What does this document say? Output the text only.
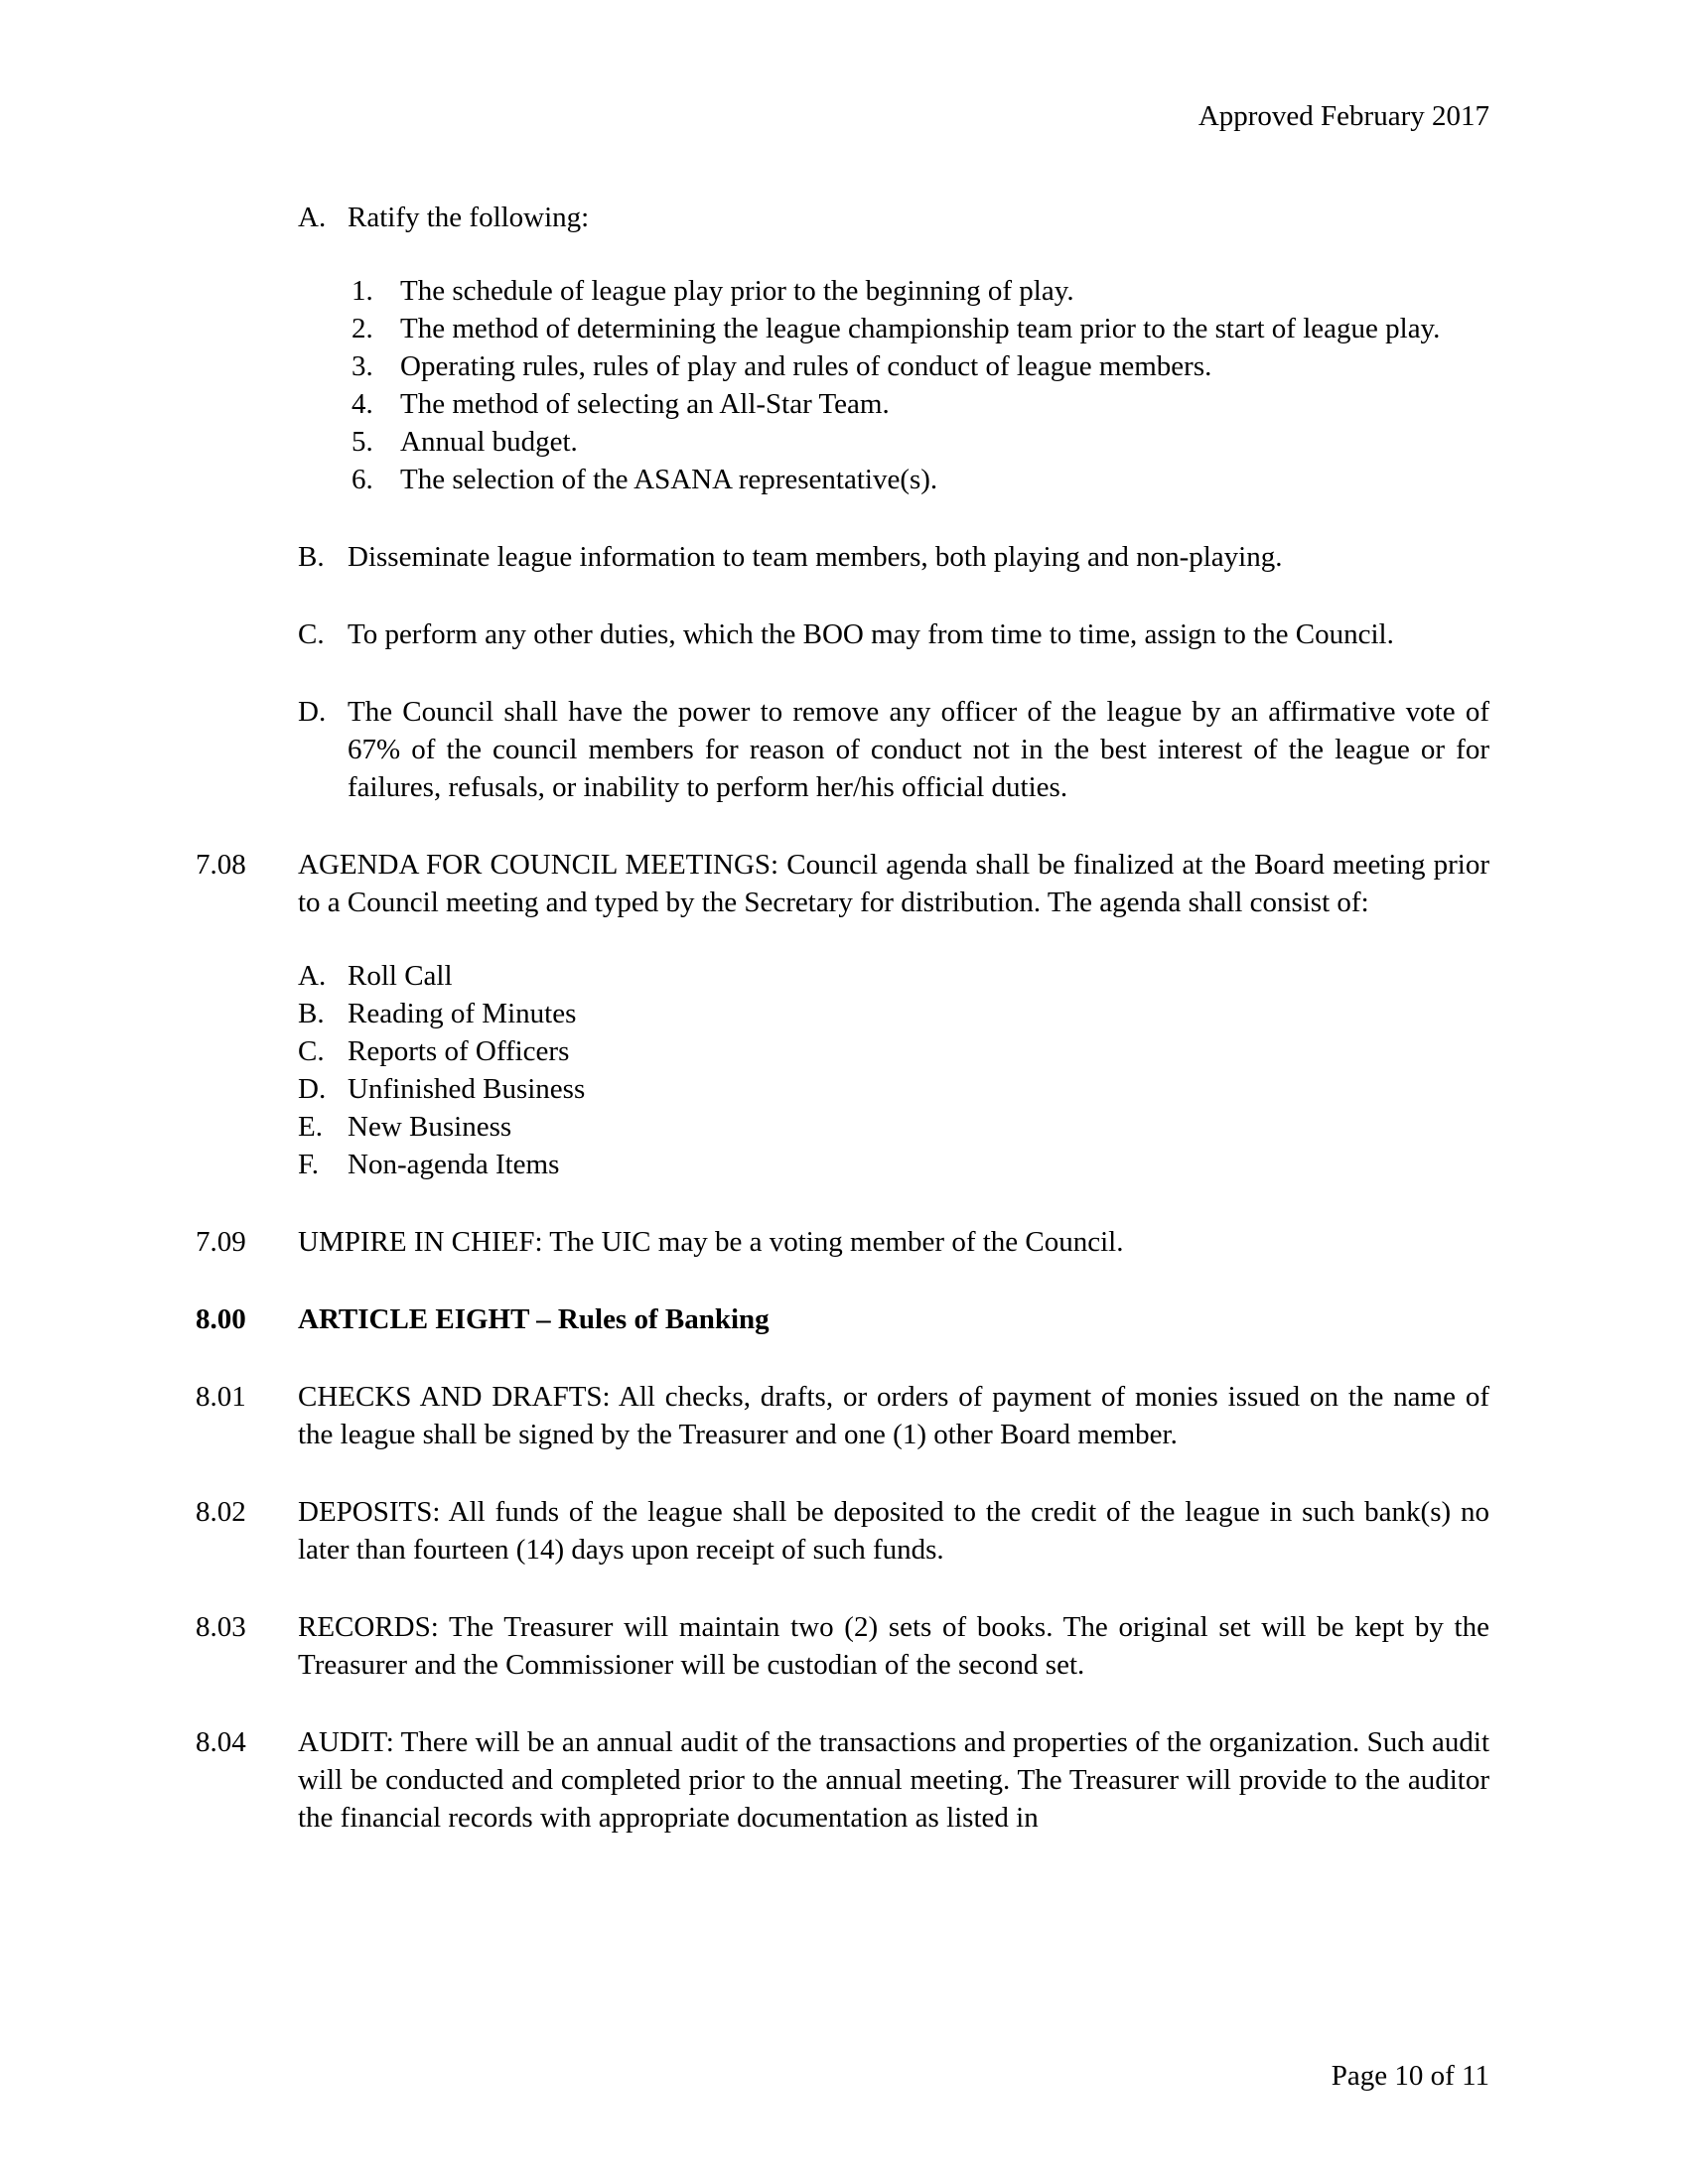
Approved February 2017
A. Ratify the following:
1. The schedule of league play prior to the beginning of play.
2. The method of determining the league championship team prior to the start of league play.
3. Operating rules, rules of play and rules of conduct of league members.
4. The method of selecting an All-Star Team.
5. Annual budget.
6. The selection of the ASANA representative(s).
B. Disseminate league information to team members, both playing and non-playing.
C. To perform any other duties, which the BOO may from time to time, assign to the Council.
D. The Council shall have the power to remove any officer of the league by an affirmative vote of 67% of the council members for reason of conduct not in the best interest of the league or for failures, refusals, or inability to perform her/his official duties.
7.08	AGENDA FOR COUNCIL MEETINGS: Council agenda shall be finalized at the Board meeting prior to a Council meeting and typed by the Secretary for distribution. The agenda shall consist of:
A. Roll Call
B. Reading of Minutes
C. Reports of Officers
D. Unfinished Business
E. New Business
F. Non-agenda Items
7.09	UMPIRE IN CHIEF: The UIC may be a voting member of the Council.
8.00	ARTICLE EIGHT – Rules of Banking
8.01	CHECKS AND DRAFTS: All checks, drafts, or orders of payment of monies issued on the name of the league shall be signed by the Treasurer and one (1) other Board member.
8.02	DEPOSITS: All funds of the league shall be deposited to the credit of the league in such bank(s) no later than fourteen (14) days upon receipt of such funds.
8.03	RECORDS: The Treasurer will maintain two (2) sets of books. The original set will be kept by the Treasurer and the Commissioner will be custodian of the second set.
8.04	AUDIT: There will be an annual audit of the transactions and properties of the organization. Such audit will be conducted and completed prior to the annual meeting. The Treasurer will provide to the auditor the financial records with appropriate documentation as listed in
Page 10 of 11
